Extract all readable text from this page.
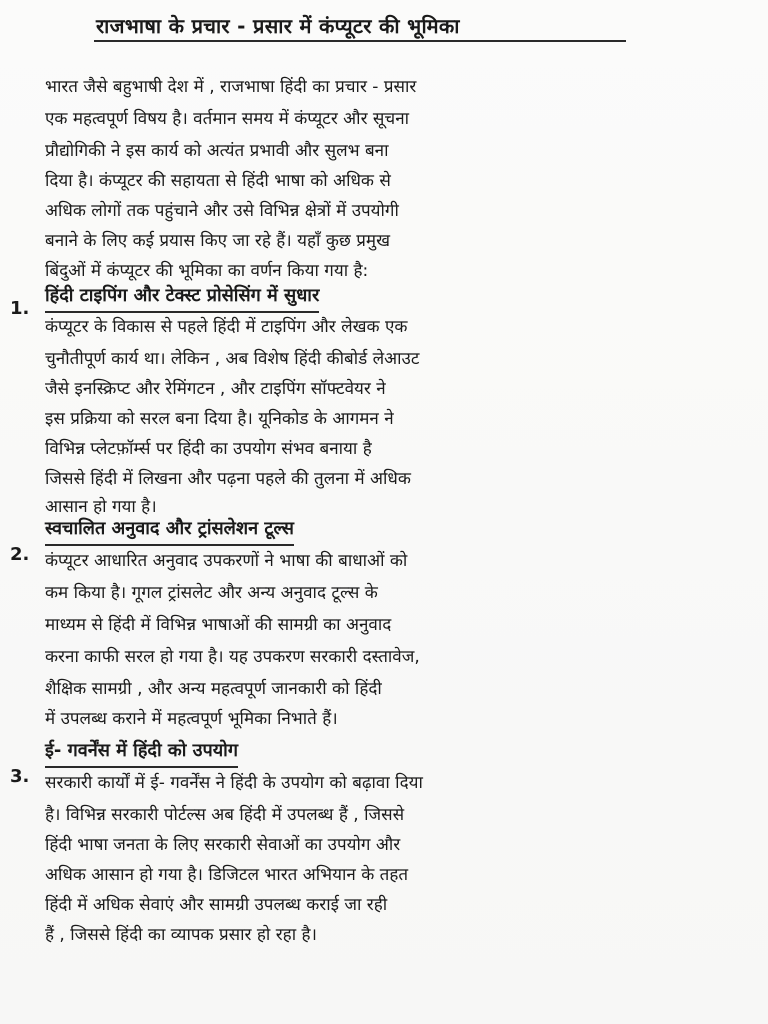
राजभाषा के प्रचार - प्रसार में कंप्यूटर की भूमिका
भारत जैसे बहुभाषी देश में , राजभाषा हिंदी का प्रचार - प्रसार
एक महत्वपूर्ण विषय है। वर्तमान समय में कंप्यूटर और सूचना
प्रौद्योगिकी ने इस कार्य को अत्यंत प्रभावी और सुलभ बना
दिया है। कंप्यूटर की सहायता से हिंदी भाषा को अधिक से
अधिक लोगों तक पहुंचाने और उसे विभिन्न क्षेत्रों में उपयोगी
बनाने के लिए कई प्रयास किए जा रहे हैं। यहाँ कुछ प्रमुख
बिंदुओं में कंप्यूटर की भूमिका का वर्णन किया गया है:
1.
हिंदी टाइपिंग और टेक्स्ट प्रोसेसिंग में सुधार
कंप्यूटर के विकास से पहले हिंदी में टाइपिंग और लेखक एक
चुनौतीपूर्ण कार्य था। लेकिन , अब विशेष हिंदी कीबोर्ड लेआउट
जैसे इनस्क्रिप्ट और रेमिंगटन , और टाइपिंग सॉफ्टवेयर ने
इस प्रक्रिया को सरल बना दिया है। यूनिकोड के आगमन ने
विभिन्न प्लेटफ़ॉर्म्स पर हिंदी का उपयोग संभव बनाया है
जिससे हिंदी में लिखना और पढ़ना पहले की तुलना में अधिक
आसान हो गया है।
2.
स्वचालित अनुवाद और ट्रांसलेशन टूल्स
कंप्यूटर आधारित अनुवाद उपकरणों ने भाषा की बाधाओं को
कम किया है। गूगल ट्रांसलेट और अन्य अनुवाद टूल्स के
माध्यम से हिंदी में विभिन्न भाषाओं की सामग्री का अनुवाद
करना काफी सरल हो गया है। यह उपकरण सरकारी दस्तावेज,
शैक्षिक सामग्री , और अन्य महत्वपूर्ण जानकारी को हिंदी
में उपलब्ध कराने में महत्वपूर्ण भूमिका निभाते हैं।
3.
ई- गवर्नेंस में हिंदी को उपयोग
सरकारी कार्यों में ई- गवर्नेंस ने हिंदी के उपयोग को बढ़ावा दिया
है। विभिन्न सरकारी पोर्टल्स अब हिंदी में उपलब्ध हैं , जिससे
हिंदी भाषा जनता के लिए सरकारी सेवाओं का उपयोग और
अधिक आसान हो गया है। डिजिटल भारत अभियान के तहत
हिंदी में अधिक सेवाएं और सामग्री उपलब्ध कराई जा रही
हैं , जिससे हिंदी का व्यापक प्रसार हो रहा है।
